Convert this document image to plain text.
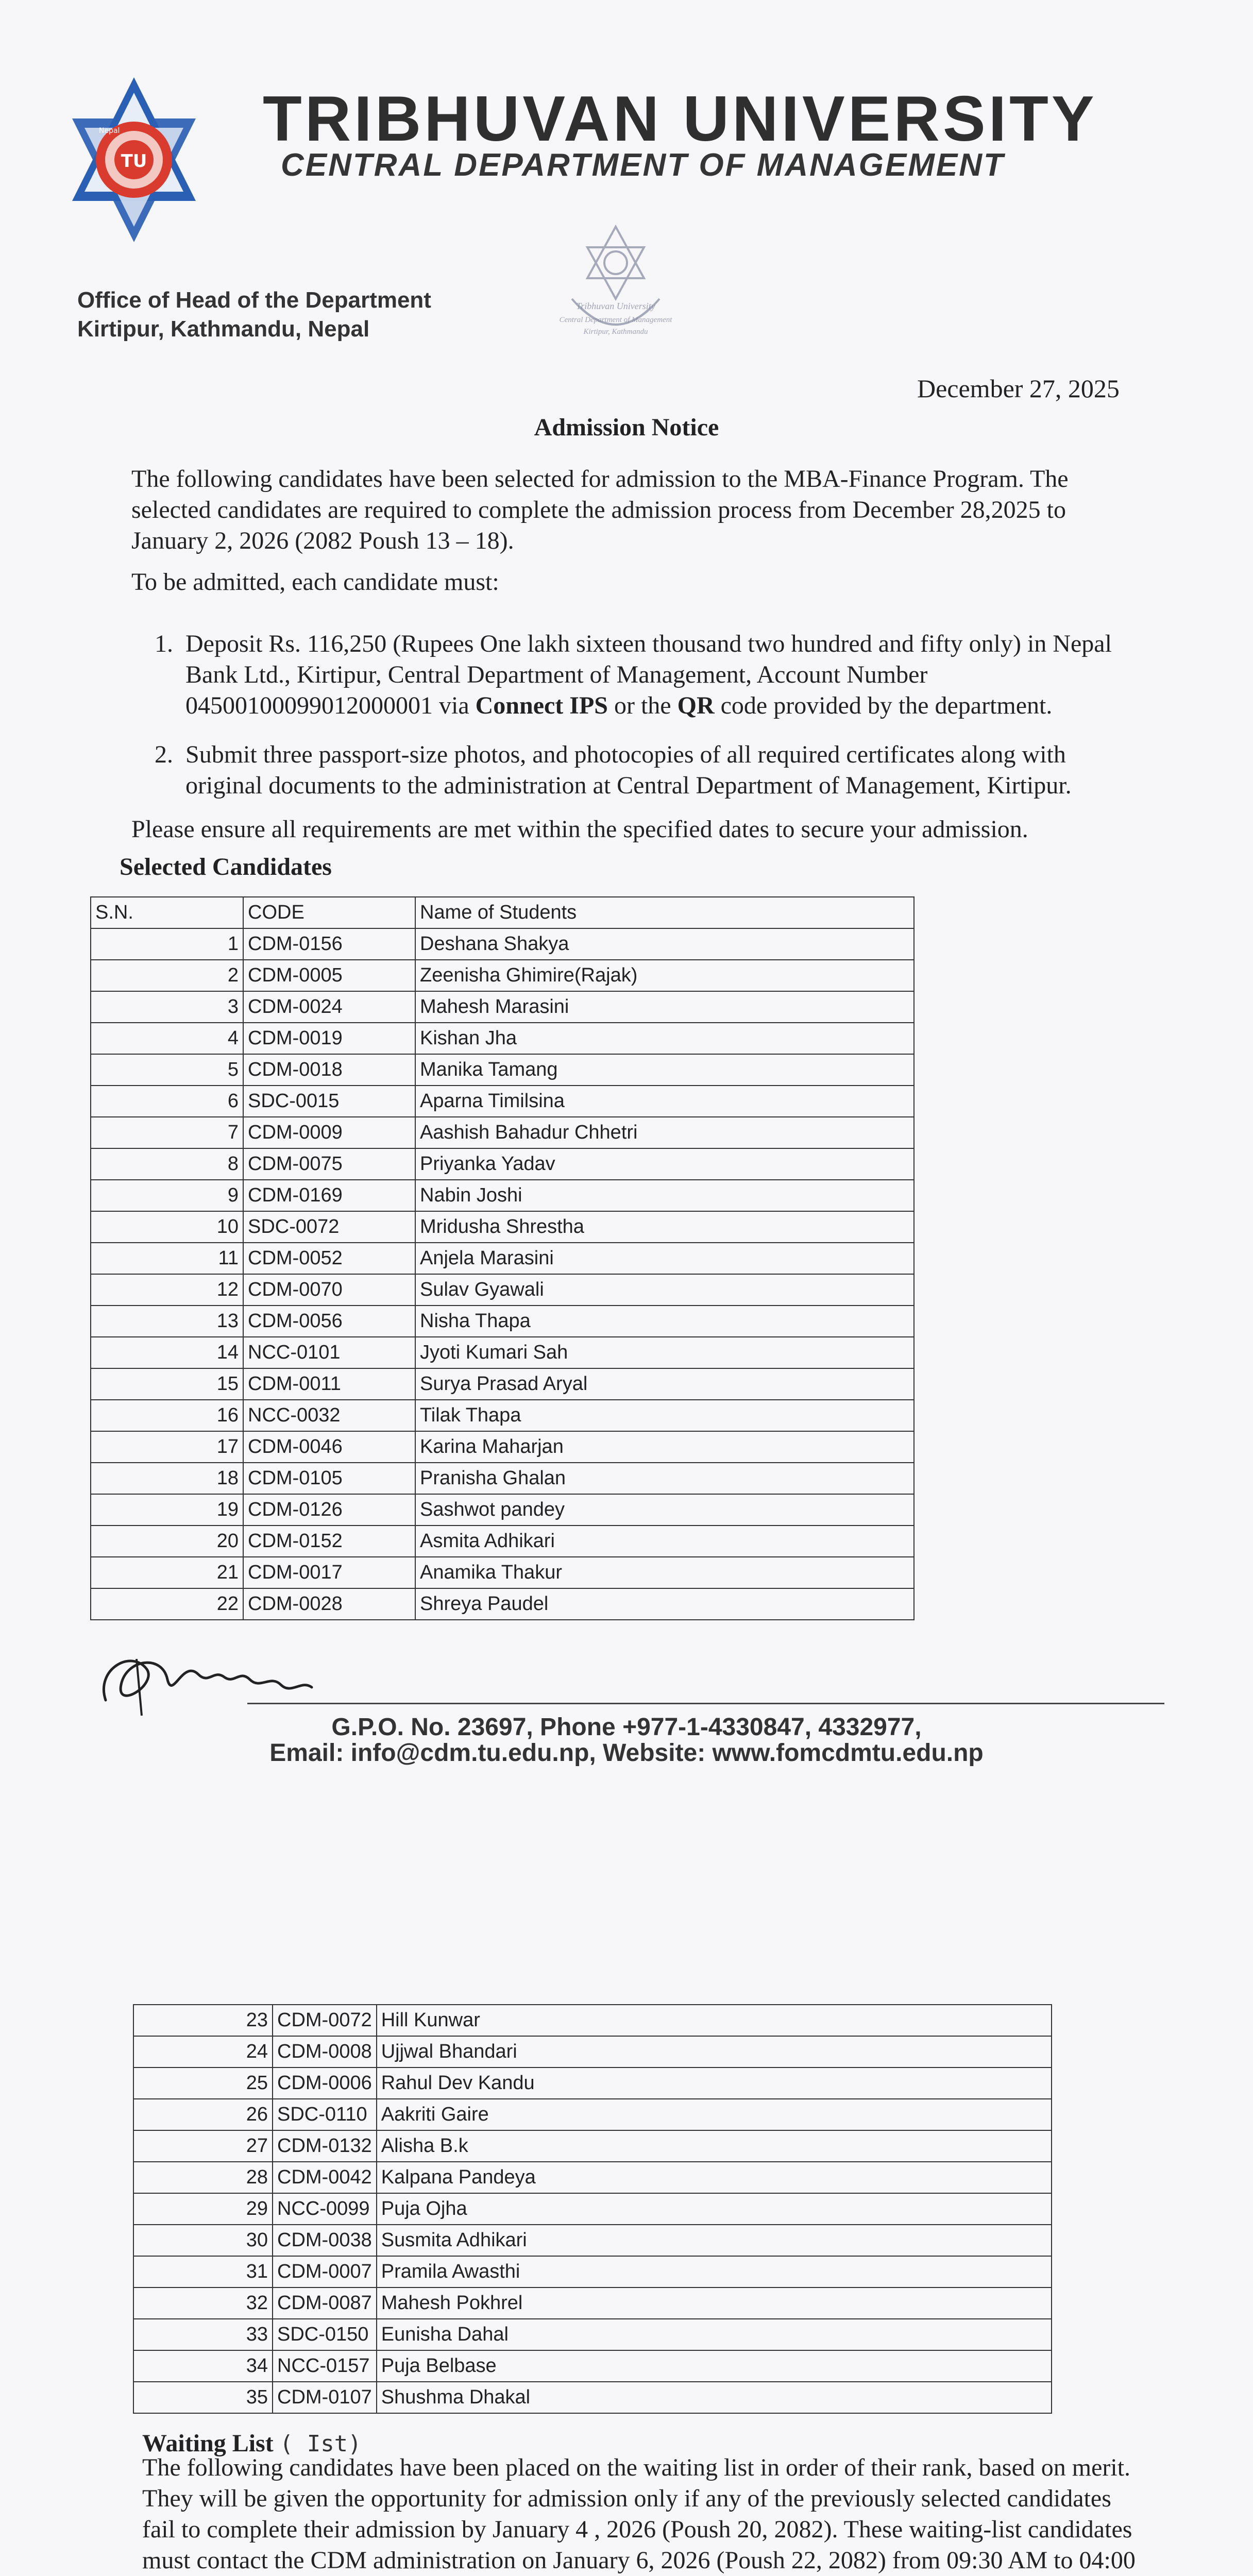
TU
Nepal TRIBHUVAN UNIVERSITY
CENTRAL DEPARTMENT OF MANAGEMENT
Office of Head of the Department
Kirtipur, Kathmandu, Nepal
Tribhuvan University
Central Department of Management
Kirtipur, Kathmandu
December 27, 2025
Admission Notice
The following candidates have been selected for admission to the MBA-Finance Program. The selected candidates are required to complete the admission process from December 28,2025 to January 2, 2026 (2082 Poush 13 – 18).
To be admitted, each candidate must:
1. Deposit Rs. 116,250 (Rupees One lakh sixteen thousand two hundred and fifty only) in Nepal Bank Ltd., Kirtipur, Central Department of Management, Account Number 04500100099012000001 via Connect IPS or the QR code provided by the department.
2. Submit three passport-size photos, and photocopies of all required certificates along with original documents to the administration at Central Department of Management, Kirtipur.
Please ensure all requirements are met within the specified dates to secure your admission.
Selected Candidates
S.N.	CODE	Name of Students
1	CDM-0156	Deshana Shakya
2	CDM-0005	Zeenisha Ghimire(Rajak)
3	CDM-0024	Mahesh Marasini
4	CDM-0019	Kishan Jha
5	CDM-0018	Manika Tamang
6	SDC-0015	Aparna Timilsina
7	CDM-0009	Aashish Bahadur Chhetri
8	CDM-0075	Priyanka Yadav
9	CDM-0169	Nabin Joshi
10	SDC-0072	Mridusha Shrestha
11	CDM-0052	Anjela Marasini
12	CDM-0070	Sulav Gyawali
13	CDM-0056	Nisha Thapa
14	NCC-0101	Jyoti Kumari Sah
15	CDM-0011	Surya Prasad Aryal
16	NCC-0032	Tilak Thapa
17	CDM-0046	Karina Maharjan
18	CDM-0105	Pranisha Ghalan
19	CDM-0126	Sashwot pandey
20	CDM-0152	Asmita Adhikari
21	CDM-0017	Anamika Thakur
22	CDM-0028	Shreya Paudel
G.P.O. No. 23697, Phone +977-1-4330847, 4332977,
Email: info@cdm.tu.edu.np, Website: www.fomcdmtu.edu.np
23	CDM-0072	Hill Kunwar
24	CDM-0008	Ujjwal Bhandari
25	CDM-0006	Rahul Dev Kandu
26	SDC-0110	Aakriti Gaire
27	CDM-0132	Alisha B.k
28	CDM-0042	Kalpana Pandeya
29	NCC-0099	Puja Ojha
30	CDM-0038	Susmita Adhikari
31	CDM-0007	Pramila Awasthi
32	CDM-0087	Mahesh Pokhrel
33	SDC-0150	Eunisha Dahal
34	NCC-0157	Puja Belbase
35	CDM-0107	Shushma Dhakal
Waiting List ( Ist)
The following candidates have been placed on the waiting list in order of their rank, based on merit. They will be given the opportunity for admission only if any of the previously selected candidates fail to complete their admission by January 4 , 2026 (Poush 20, 2082). These waiting-list candidates must contact the CDM administration on January 6, 2026 (Poush 22, 2082) from 09:30 AM to 04:00
